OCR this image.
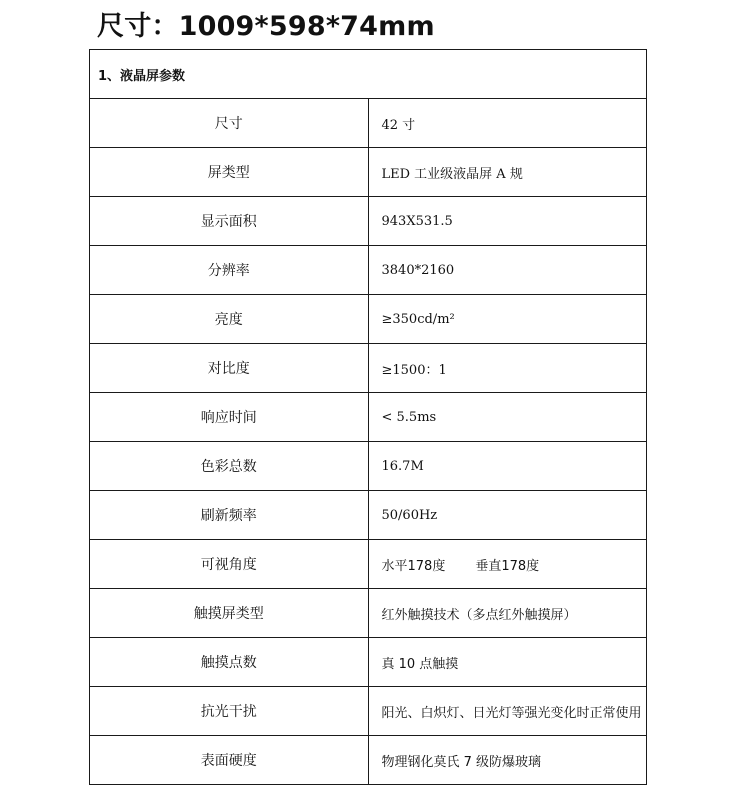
尺寸：1009*598*74mm
1、液晶屏参数	
尺寸	42 寸
屏类型	LED 工业级液晶屏 A 规
显示面积	943X531.5
分辨率	3840*2160
亮度	≥350cd/m²
对比度	≥1500：1
响应时间	< 5.5ms
色彩总数	16.7M
刷新频率	50/60Hz
可视角度	水平178度 垂直178度
触摸屏类型	红外触摸技术（多点红外触摸屏）
触摸点数	真 10 点触摸
抗光干扰	阳光、白炽灯、日光灯等强光变化时正常使用
表面硬度	物理钢化莫氏 7 级防爆玻璃
